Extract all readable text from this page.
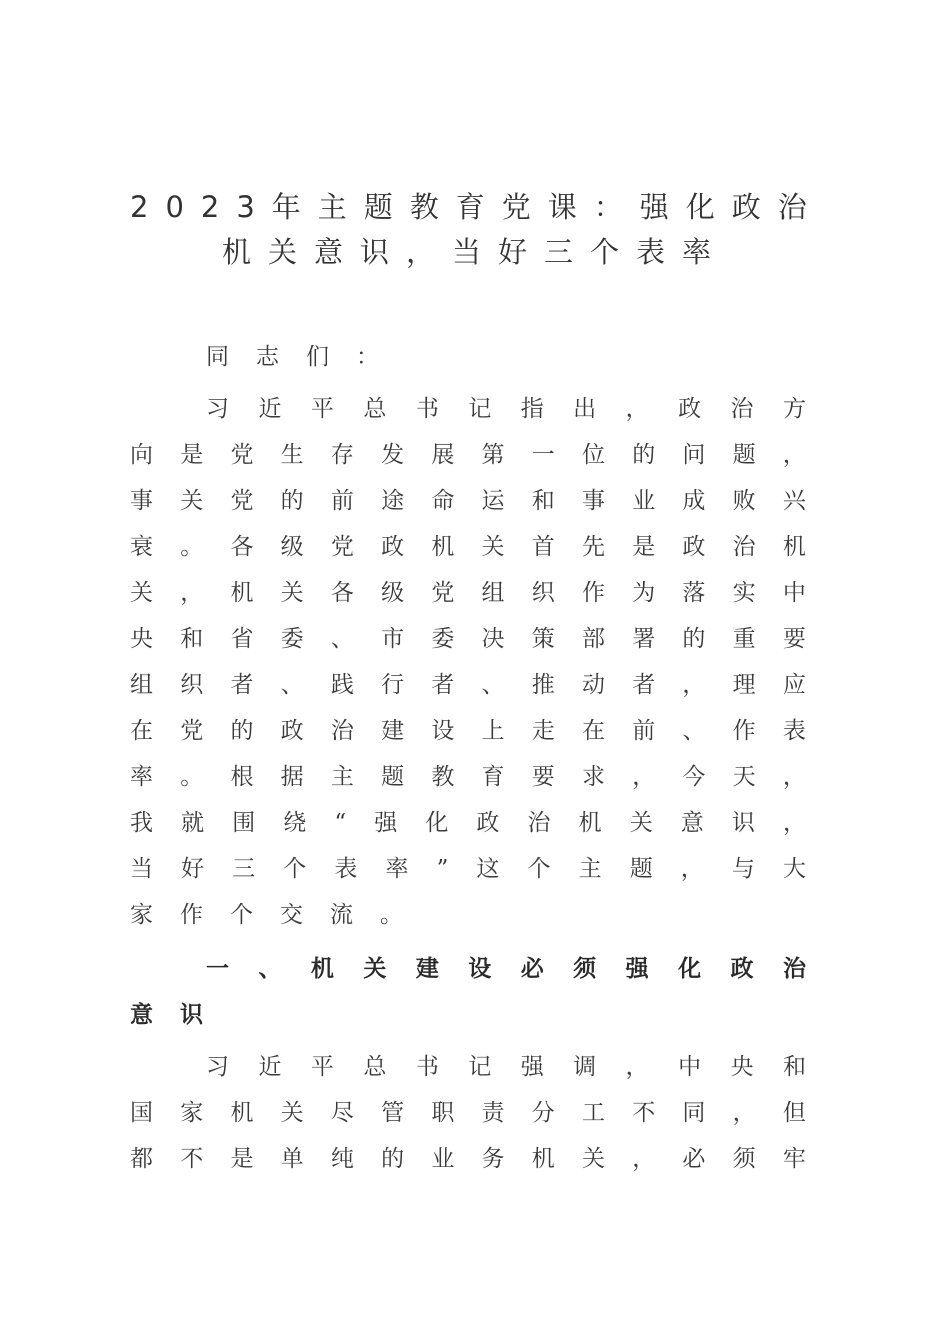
2023年主题教育党课：强化政治
机关意识，当好三个表率
同志们：
习 近 平 总 书 记 指 出 ， 政 治 方
向 是 党 生 存 发 展 第 一 位 的 问 题 ，
事 关 党 的 前 途 命 运 和 事 业 成 败 兴
衰 。 各 级 党 政 机 关 首 先 是 政 治 机
关 ， 机 关 各 级 党 组 织 作 为 落 实 中
央 和 省 委 、 市 委 决 策 部 署 的 重 要
组 织 者 、 践 行 者 、 推 动 者 ， 理 应
在 党 的 政 治 建 设 上 走 在 前 、 作 表
率 。 根 据 主 题 教 育 要 求 ， 今 天 ，
我 就 围 绕 “ 强 化 政 治 机 关 意 识 ，
当 好 三 个 表 率 ” 这 个 主 题 ， 与 大
家作个交流。
一 、 机 关 建 设 必 须 强 化 政 治
意识
习 近 平 总 书 记 强 调 ， 中 央 和
国 家 机 关 尽 管 职 责 分 工 不 同 ， 但
都 不 是 单 纯 的 业 务 机 关 ， 必 须 牢
